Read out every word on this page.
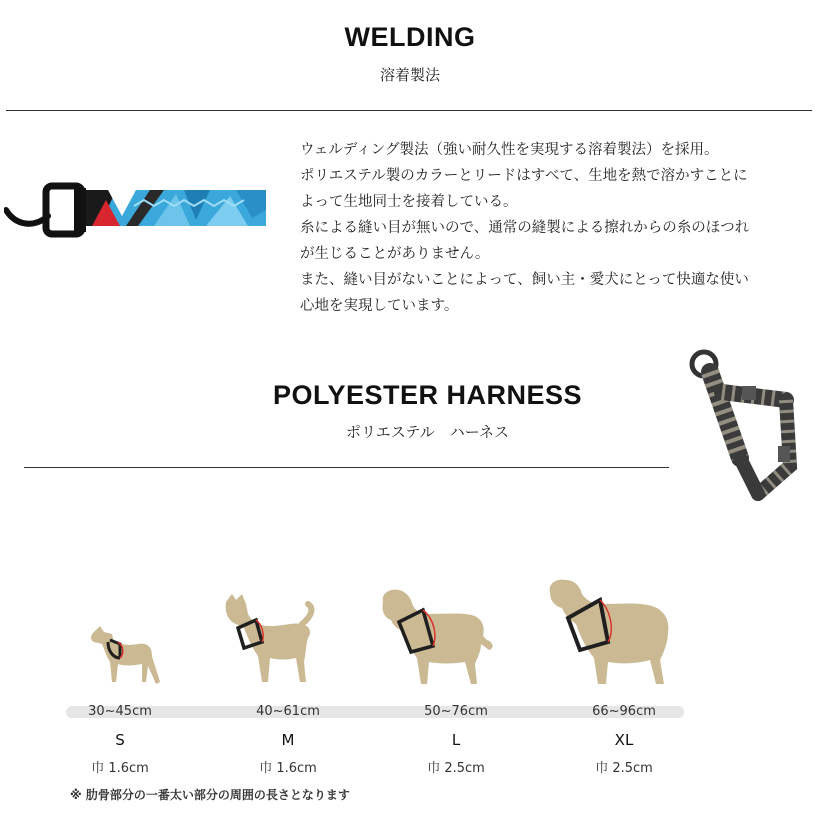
WELDING

溶着製法

ウェルディング製法（強い耐久性を実現する溶着製法）を採用。
ポリエステル製のカラーとリードはすべて、生地を熱で溶かすことに
よって生地同士を接着している。
糸による縫い目が無いので、通常の縫製による擦れからの糸のほつれ
が生じることがありません。
また、縫い目がないことによって、飼い主・愛犬にとって快適な使い
心地を実現しています。
POLYESTER HARNESS

ポリエステル　ハーネス

30~45cm	40~61cm	50~76cm	66~96cm
S	M	L	XL
巾 1.6cm	巾 1.6cm	巾 2.5cm	巾 2.5cm
※ 肋骨部分の一番太い部分の周囲の長さとなります
